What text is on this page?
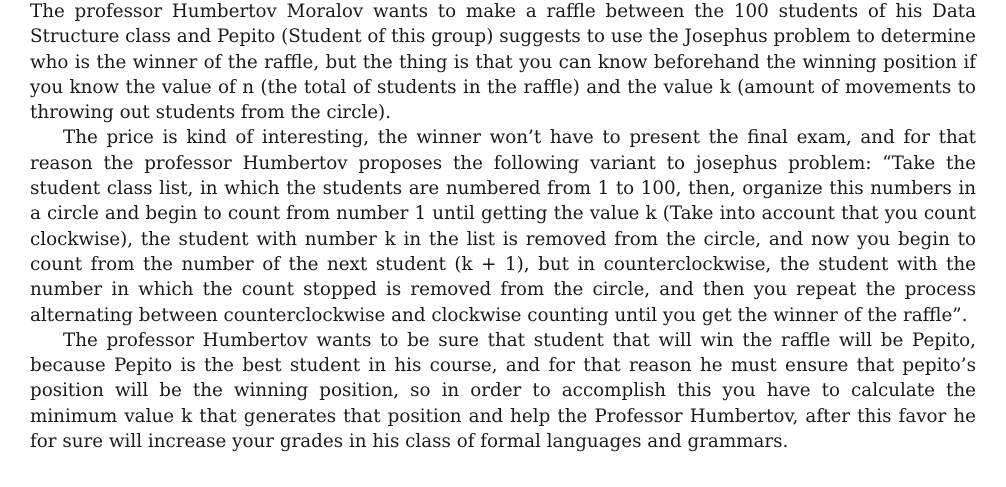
The professor Humbertov Moralov wants to make a raffle between the 100 students of his Data Structure class and Pepito (Student of this group) suggests to use the Josephus problem to determine who is the winner of the raffle, but the thing is that you can know beforehand the winning position if you know the value of n (the total of students in the raffle) and the value k (amount of movements to throwing out students from the circle).

The price is kind of interesting, the winner won’t have to present the final exam, and for that reason the professor Humbertov proposes the following variant to josephus problem: “Take the student class list, in which the students are numbered from 1 to 100, then, organize this numbers in a circle and begin to count from number 1 until getting the value k (Take into account that you count clockwise), the student with number k in the list is removed from the circle, and now you begin to count from the number of the next student (k + 1), but in counterclockwise, the student with the number in which the count stopped is removed from the circle, and then you repeat the process alternating between counterclockwise and clockwise counting until you get the winner of the raffle”.

The professor Humbertov wants to be sure that student that will win the raffle will be Pepito, because Pepito is the best student in his course, and for that reason he must ensure that pepito’s position will be the winning position, so in order to accomplish this you have to calculate the minimum value k that generates that position and help the Professor Humbertov, after this favor he for sure will increase your grades in his class of formal languages and grammars.
